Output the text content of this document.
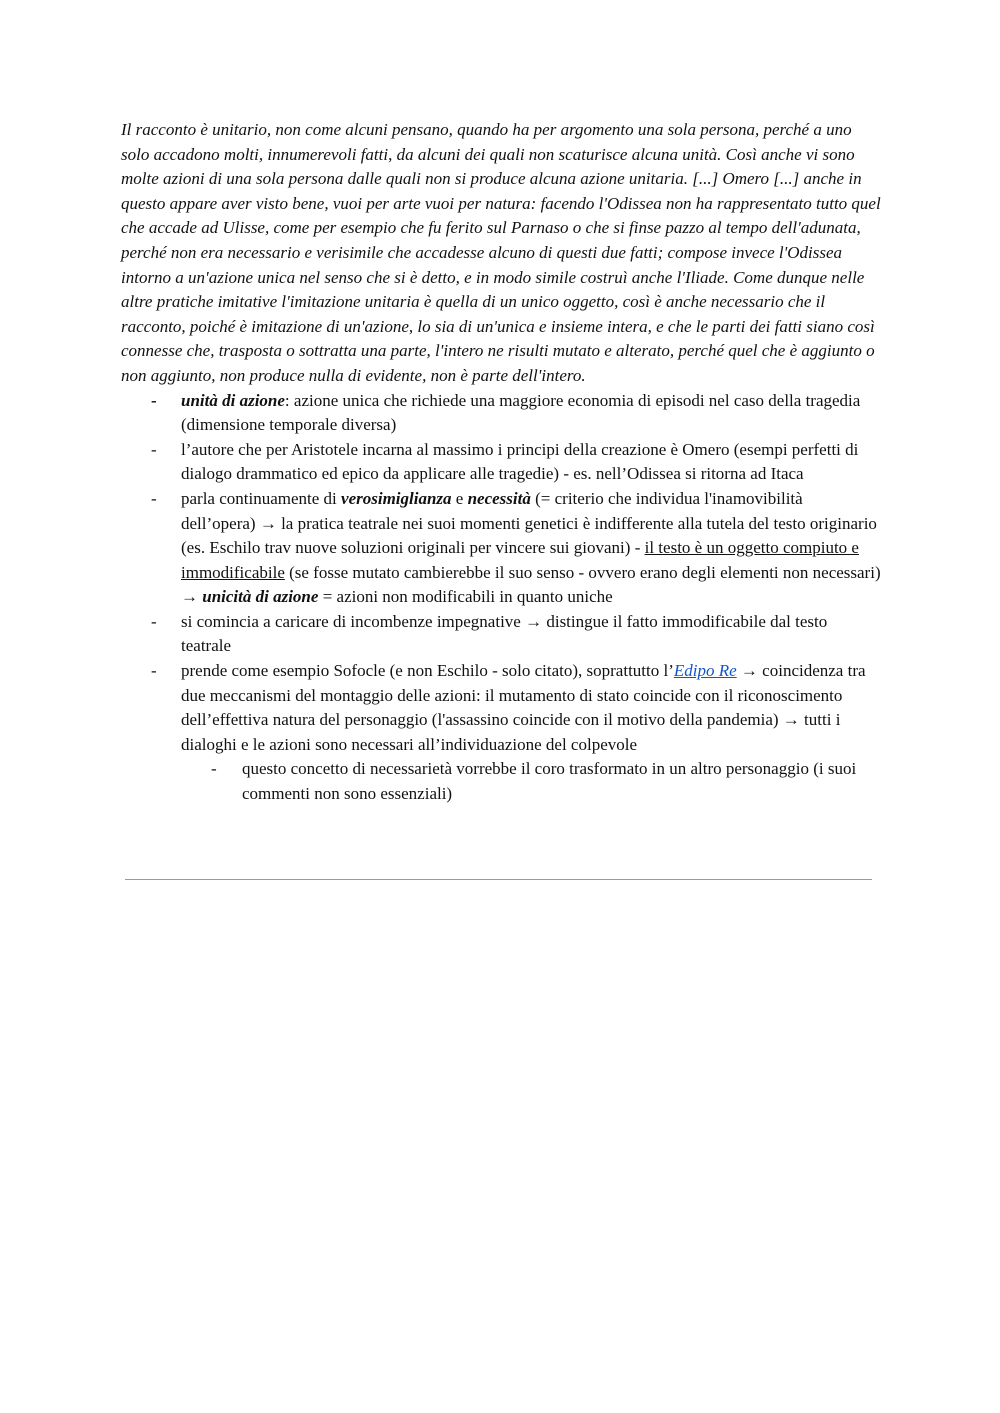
Il racconto è unitario, non come alcuni pensano, quando ha per argomento una sola persona, perché a uno solo accadono molti, innumerevoli fatti, da alcuni dei quali non scaturisce alcuna unità. Così anche vi sono molte azioni di una sola persona dalle quali non si produce alcuna azione unitaria. [...] Omero [...] anche in questo appare aver visto bene, vuoi per arte vuoi per natura: facendo l'Odissea non ha rappresentato tutto quel che accade ad Ulisse, come per esempio che fu ferito sul Parnaso o che si finse pazzo al tempo dell'adunata, perché non era necessario e verisimile che accadesse alcuno di questi due fatti; compose invece l'Odissea intorno a un'azione unica nel senso che si è detto, e in modo simile costruì anche l'Iliade. Come dunque nelle altre pratiche imitative l'imitazione unitaria è quella di un unico oggetto, così è anche necessario che il racconto, poiché è imitazione di un'azione, lo sia di un'unica e insieme intera, e che le parti dei fatti siano così connesse che, trasposta o sottratta una parte, l'intero ne risulti mutato e alterato, perché quel che è aggiunto o non aggiunto, non produce nulla di evidente, non è parte dell'intero.

- unità di azione: azione unica che richiede una maggiore economia di episodi nel caso della tragedia (dimensione temporale diversa)
- l’autore che per Aristotele incarna al massimo i principi della creazione è Omero (esempi perfetti di dialogo drammatico ed epico da applicare alle tragedie) - es. nell’Odissea si ritorna ad Itaca
- parla continuamente di verosimiglianza e necessità (= criterio che individua l'inamovibilità dell’opera) → la pratica teatrale nei suoi momenti genetici è indifferente alla tutela del testo originario (es. Eschilo trav nuove soluzioni originali per vincere sui giovani) - il testo è un oggetto compiuto e immodificabile (se fosse mutato cambierebbe il suo senso - ovvero erano degli elementi non necessari) → unicità di azione = azioni non modificabili in quanto uniche
- si comincia a caricare di incombenze impegnative → distingue il fatto immodificabile dal testo teatrale
- prende come esempio Sofocle (e non Eschilo - solo citato), soprattutto l’Edipo Re → coincidenza tra due meccanismi del montaggio delle azioni: il mutamento di stato coincide con il riconoscimento dell’effettiva natura del personaggio (l'assassino coincide con il motivo della pandemia) → tutti i dialoghi e le azioni sono necessari all’individuazione del colpevole
- questo concetto di necessarietà vorrebbe il coro trasformato in un altro personaggio (i suoi commenti non sono essenziali)
